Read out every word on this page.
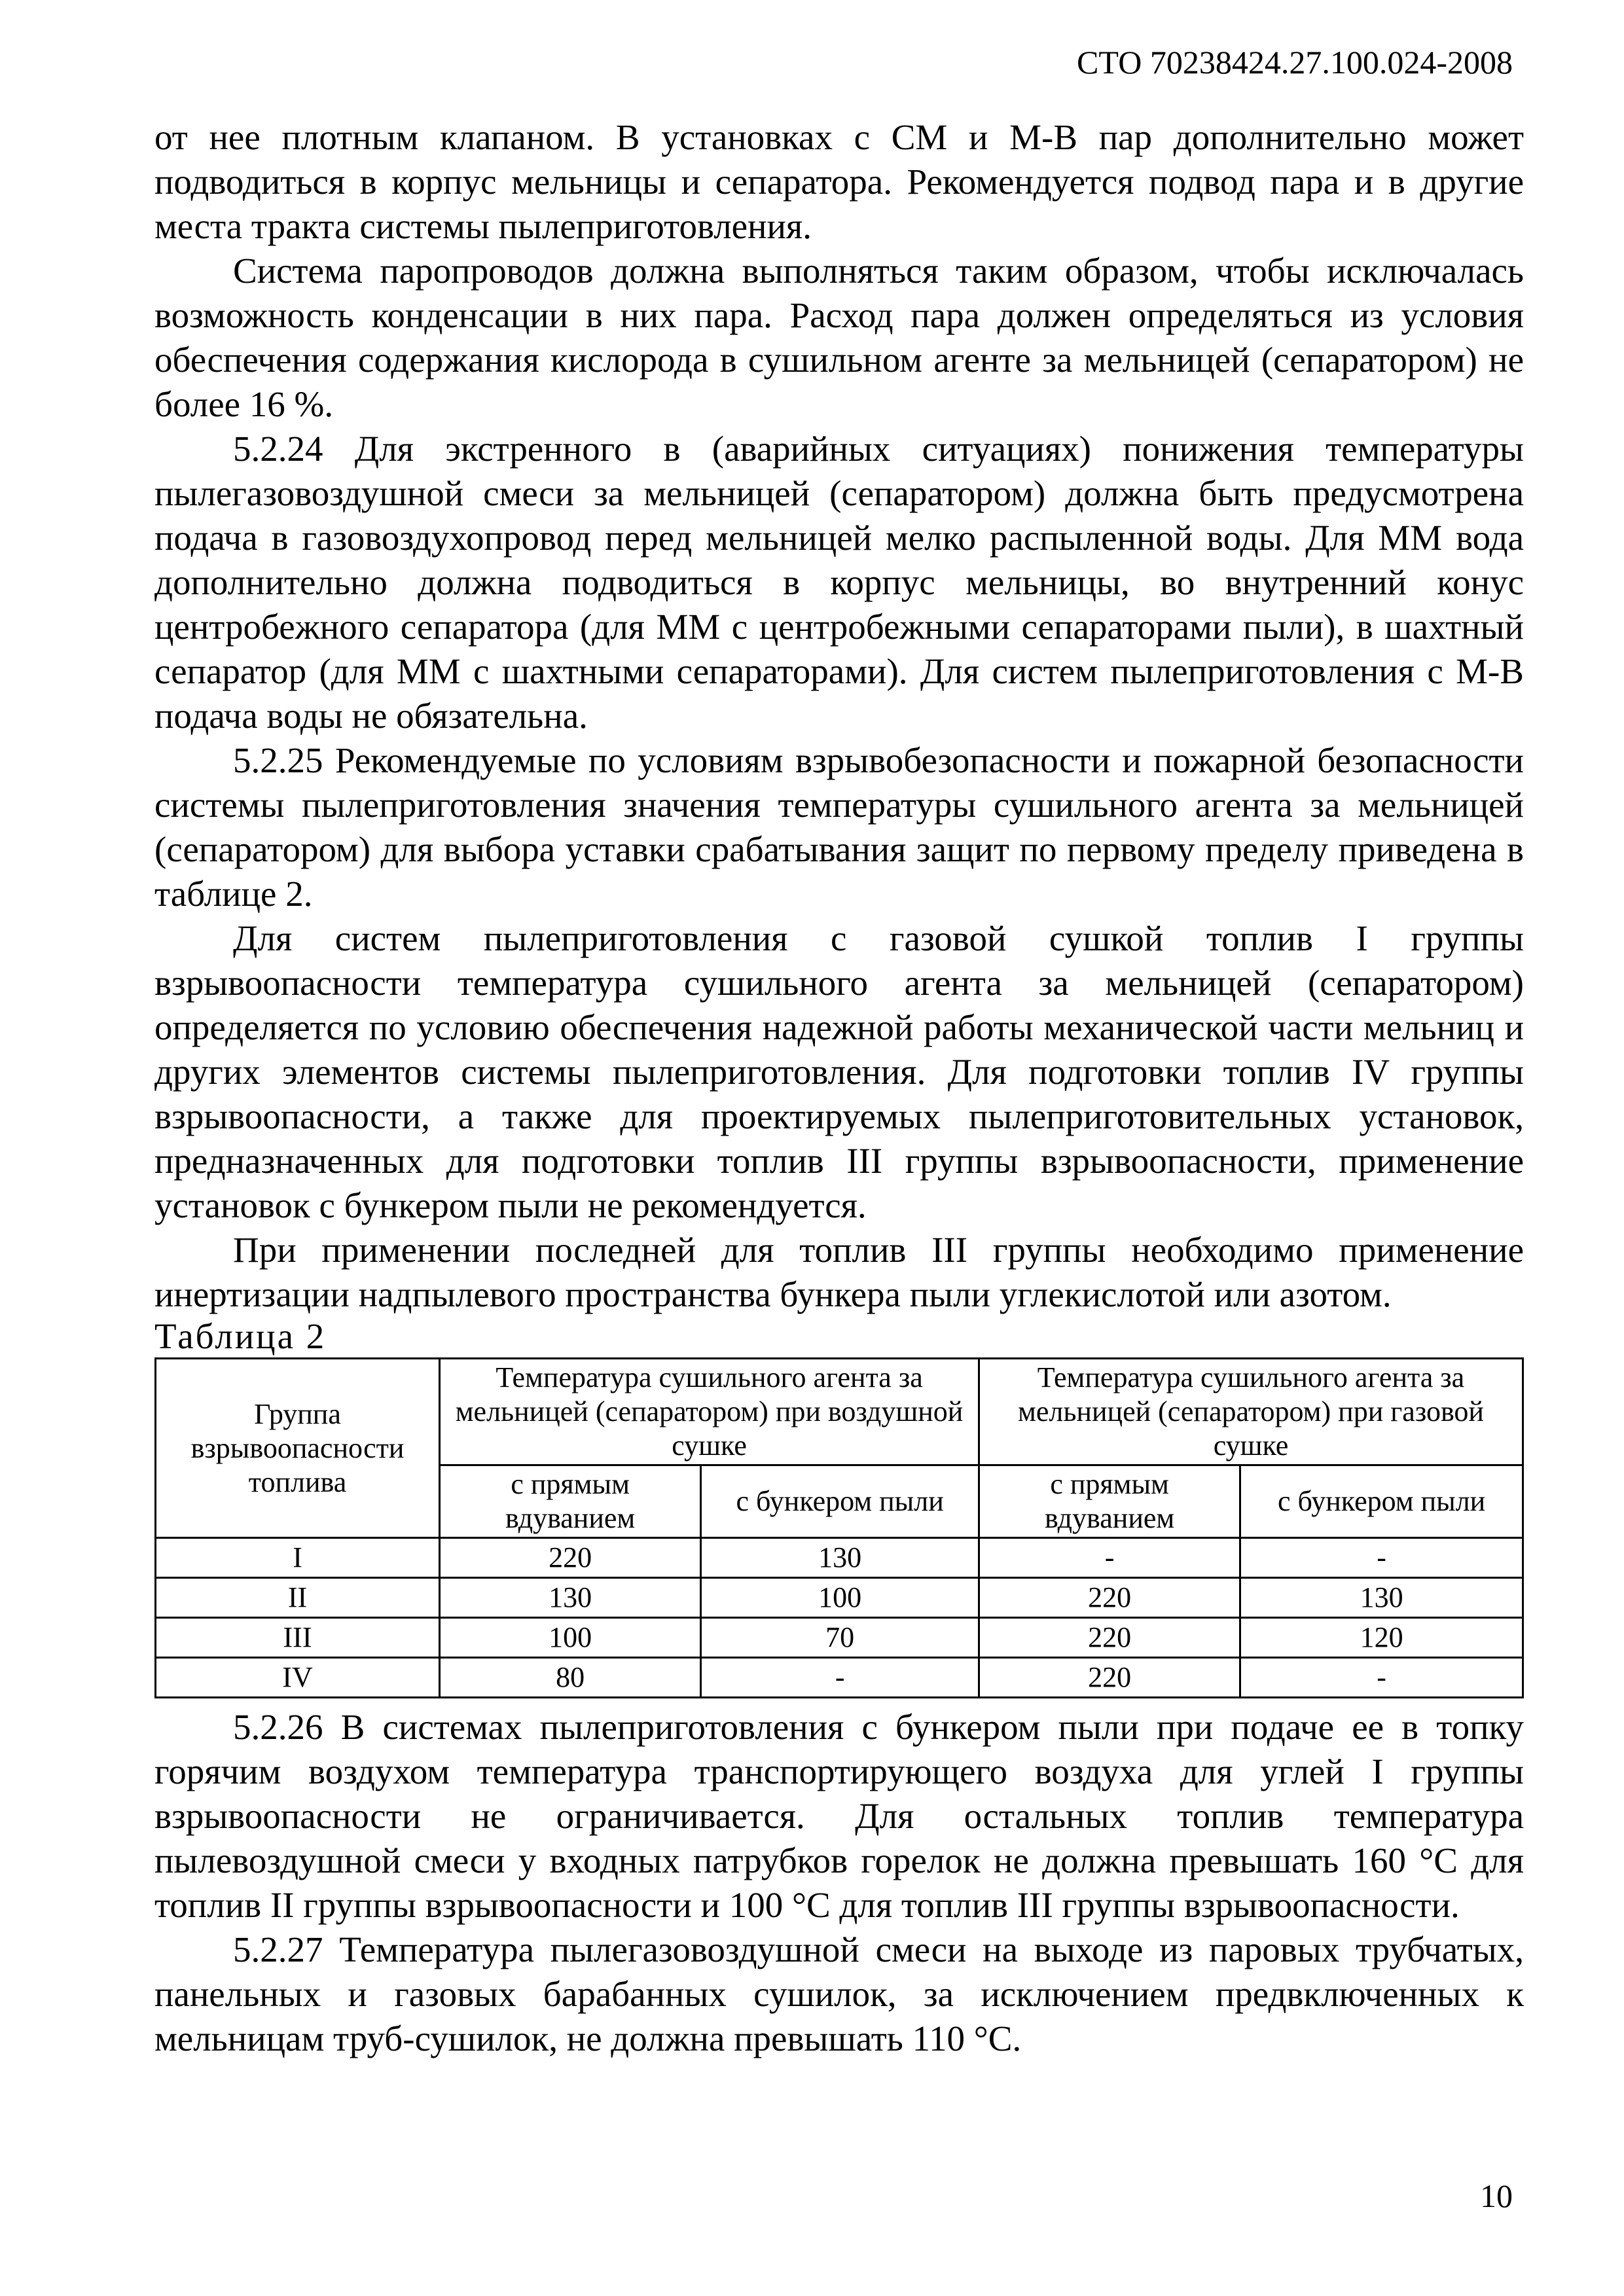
СТО 70238424.27.100.024-2008

от нее плотным клапаном. В установках с СМ и М-В пар дополнительно может подводиться в корпус мельницы и сепаратора. Рекомендуется подвод пара и в другие места тракта системы пылеприготовления.

Система паропроводов должна выполняться таким образом, чтобы исключалась возможность конденсации в них пара. Расход пара должен определяться из условия обеспечения содержания кислорода в сушильном агенте за мельницей (сепаратором) не более 16 %.

5.2.24 Для экстренного в (аварийных ситуациях) понижения температуры пылегазовоздушной смеси за мельницей (сепаратором) должна быть предусмотрена подача в газовоздухопровод перед мельницей мелко распыленной воды. Для ММ вода дополнительно должна подводиться в корпус мельницы, во внутренний конус центробежного сепаратора (для ММ с центробежными сепараторами пыли), в шахтный сепаратор (для ММ с шахтными сепараторами). Для систем пылеприготовления с М-В подача воды не обязательна.

5.2.25 Рекомендуемые по условиям взрывобезопасности и пожарной безопасности системы пылеприготовления значения температуры сушильного агента за мельницей (сепаратором) для выбора уставки срабатывания защит по первому пределу приведена в таблице 2.

Для систем пылеприготовления с газовой сушкой топлив I группы взрывоопасности температура сушильного агента за мельницей (сепаратором) определяется по условию обеспечения надежной работы механической части мельниц и других элементов системы пылеприготовления. Для подготовки топлив IV группы взрывоопасности, а также для проектируемых пылеприготовительных установок, предназначенных для подготовки топлив III группы взрывоопасности, применение установок с бункером пыли не рекомендуется.

При применении последней для топлив III группы необходимо применение инертизации надпылевого пространства бункера пыли углекислотой или азотом.

Таблица 2
Группа взрывоопасности топлива	Температура сушильного агента за мельницей (сепаратором) при воздушной сушке		Температура сушильного агента за мельницей (сепаратором) при газовой сушке	
	с прямым вдуванием	с бункером пыли	с прямым вдуванием	с бункером пыли
I	220	130	-	-
II	130	100	220	130
III	100	70	220	120
IV	80	-	220	-

5.2.26 В системах пылеприготовления с бункером пыли при подаче ее в топку горячим воздухом температура транспортирующего воздуха для углей I группы взрывоопасности не ограничивается. Для остальных топлив температура пылевоздушной смеси у входных патрубков горелок не должна превышать 160 °С для топлив II группы взрывоопасности и 100 °С для топлив III группы взрывоопасности.

5.2.27 Температура пылегазовоздушной смеси на выходе из паровых трубчатых, панельных и газовых барабанных сушилок, за исключением предвключенных к мельницам труб-сушилок, не должна превышать 110 °С.

10
